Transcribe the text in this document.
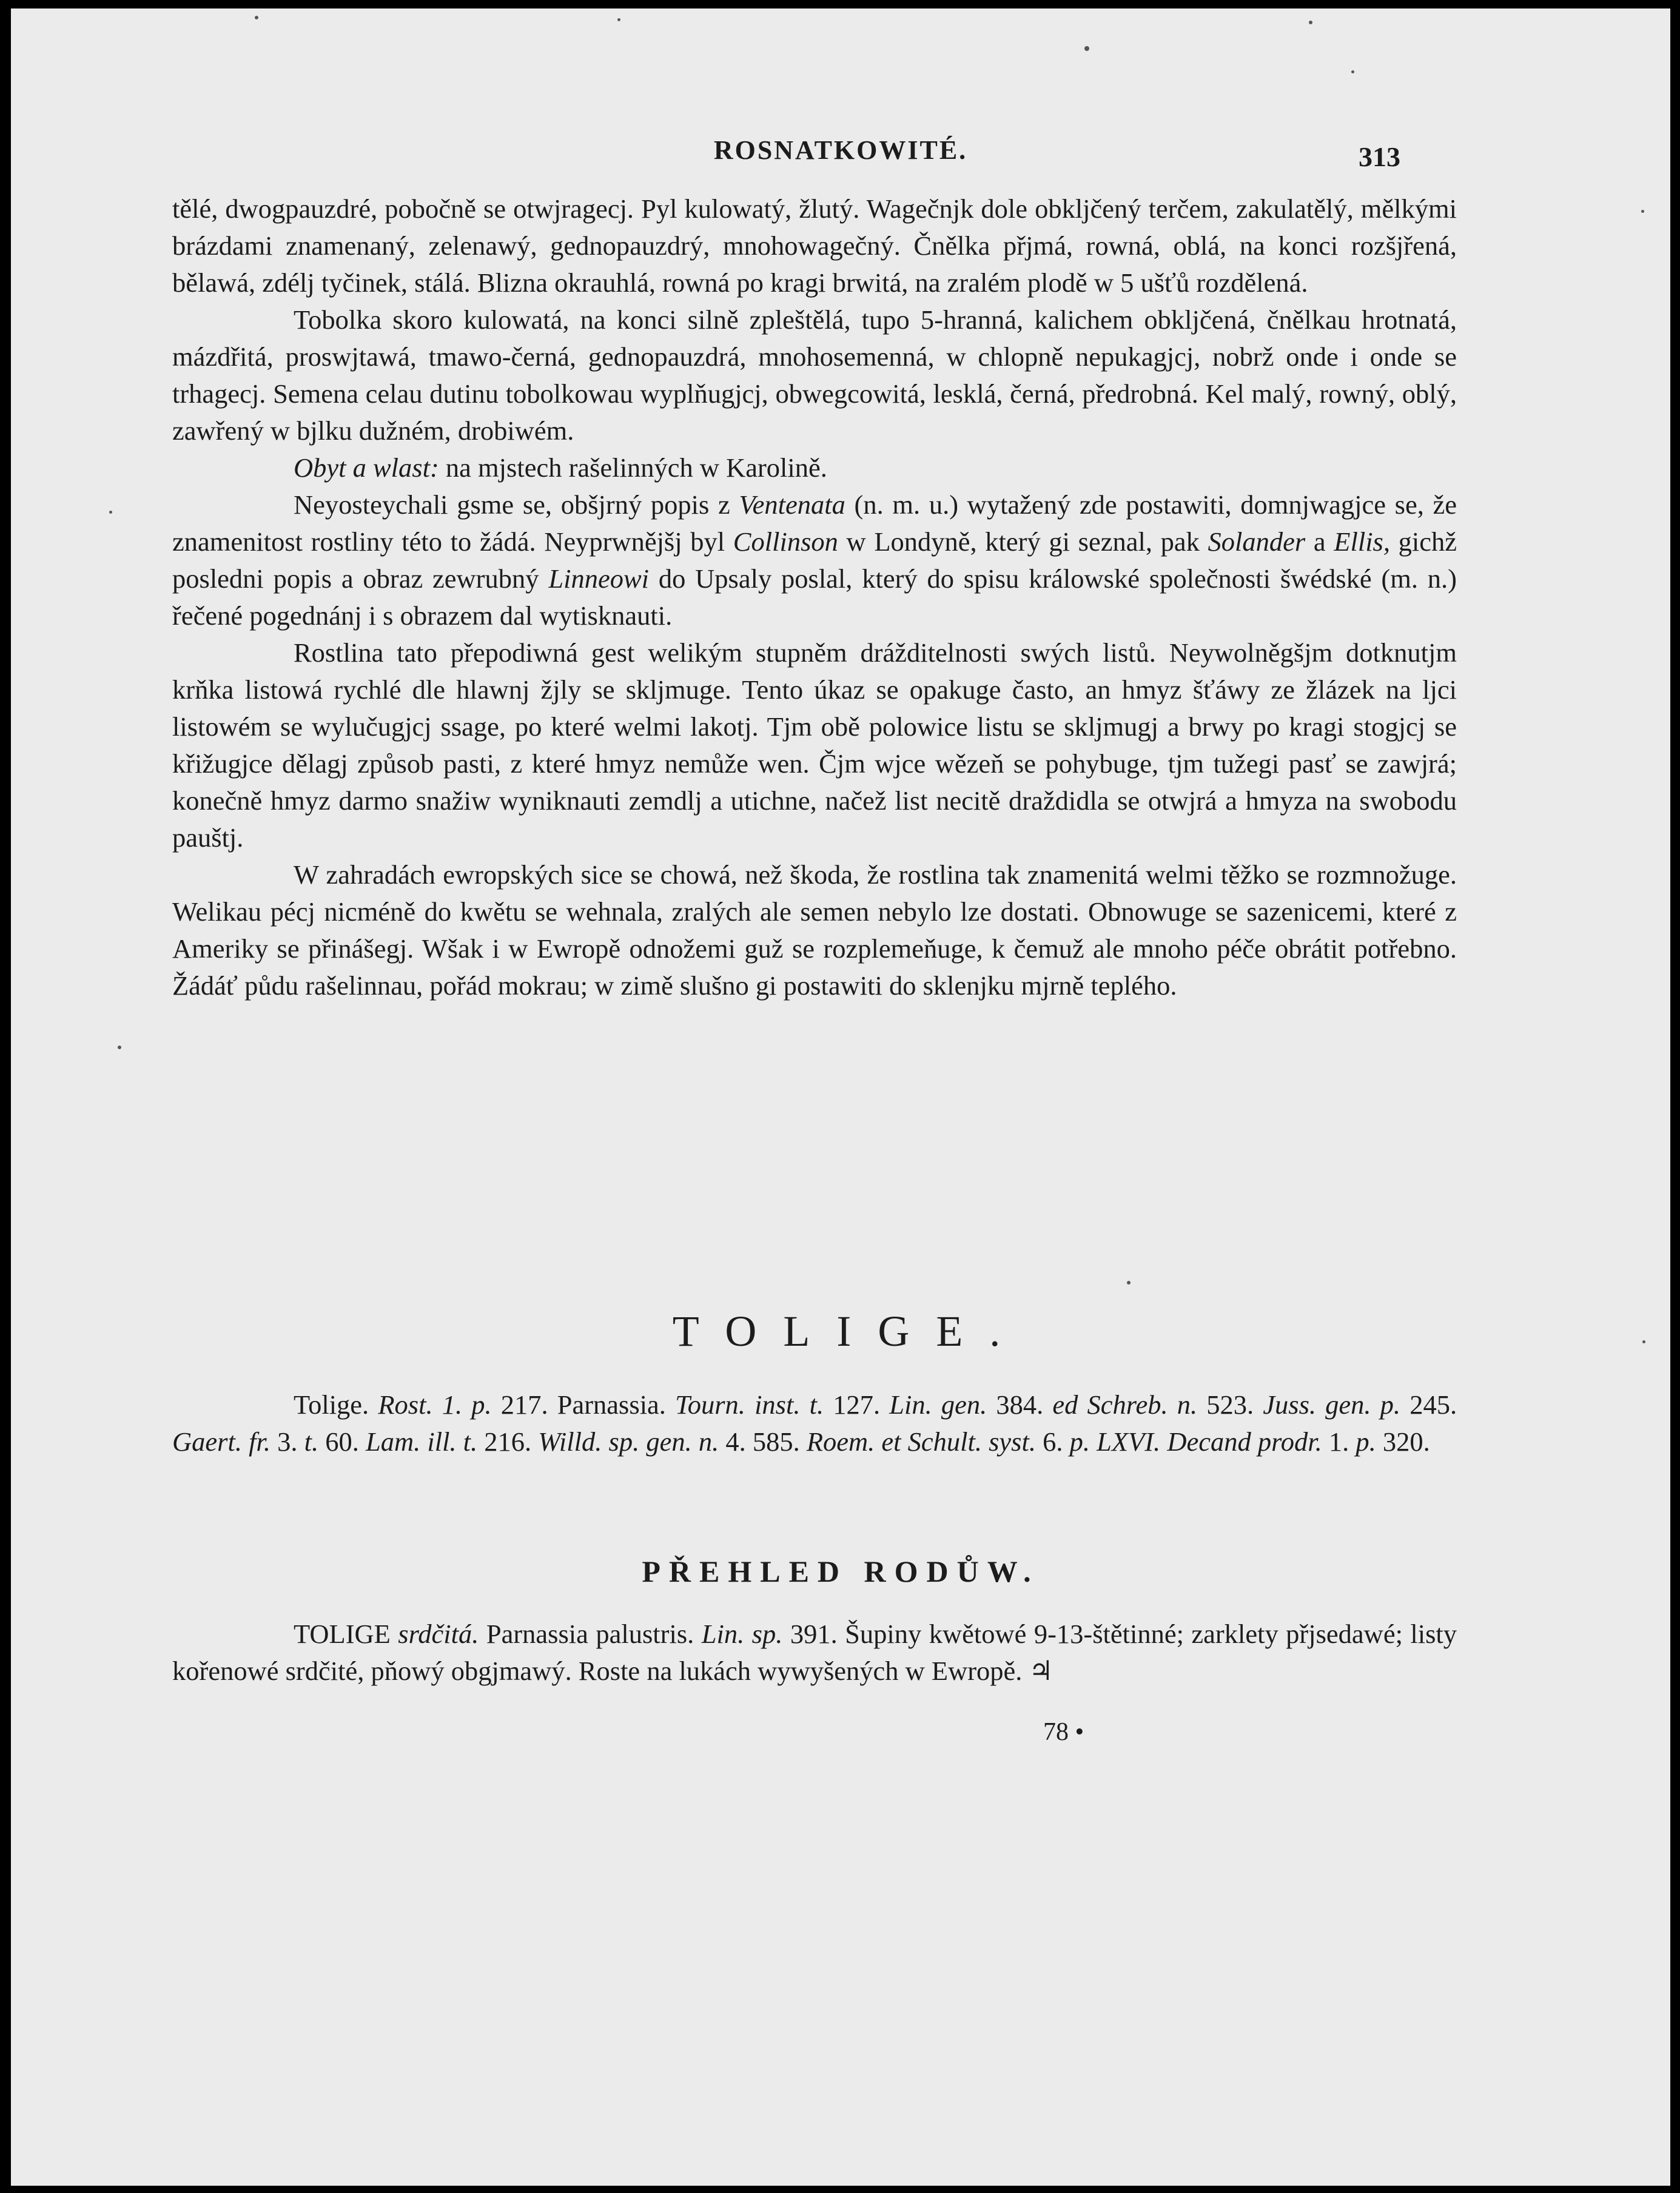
ROSNATKOWITÉ.	313

tělé, dwogpauzdré, pobočně se otwjragecj. Pyl kulowatý, žlutý. Wagečnjk dole obkljčený terčem, zakulatělý, mělkými brázdami znamenaný, zelenawý, gednopauzdrý, mnohowagečný. Čnělka přjmá, rowná, oblá, na konci rozšjřená, bělawá, zdélj tyčinek, stálá. Blizna okrauhlá, rowná po kragi brwitá, na zralém plodě w 5 ušťů rozdělená.

Tobolka skoro kulowatá, na konci silně zpleštělá, tupo 5-hranná, kalichem obkljčená, čnělkau hrotnatá, mázdřitá, proswjtawá, tmawo-černá, gednopauzdrá, mnohosemenná, w chlopně nepukagjcj, nobrž onde i onde se trhagecj. Semena celau dutinu tobolkowau wyplňugjcj, obwegcowitá, lesklá, černá, předrobná. Kel malý, rowný, oblý, zawřený w bjlku dužném, drobiwém.

Obyt a wlast: na mjstech rašelinných w Karolině.

Neyosteychali gsme se, obšjrný popis z Ventenata (n. m. u.) wytažený zde postawiti, domnjwagjce se, že znamenitost rostliny této to žádá. Neyprwnějšj byl Collinson w Londyně, který gi seznal, pak Solander a Ellis, gichž posledni popis a obraz zewrubný Linneowi do Upsaly poslal, který do spisu králowské společnosti šwédské (m. n.) řečené pogednánj i s obrazem dal wytisknauti.

Rostlina tato přepodiwná gest welikým stupněm drážditelnosti swých listů. Neywolněgšjm dotknutjm krňka listowá rychlé dle hlawnj žjly se skljmuge. Tento úkaz se opakuge často, an hmyz šťáwy ze žlázek na ljci listowém se wylučugjcj ssage, po které welmi lakotj. Tjm obě polowice listu se skljmugj a brwy po kragi stogjcj se křižugjce dělagj způsob pasti, z které hmyz nemůže wen. Čjm wjce wězeň se pohybuge, tjm tužegi pasť se zawjrá; konečně hmyz darmo snažiw wyniknauti zemdlj a utichne, načež list necitě draždidla se otwjrá a hmyza na swobodu pauštj.

W zahradách ewropských sice se chowá, než škoda, že rostlina tak znamenitá welmi těžko se rozmnožuge. Welikau pécj nicméně do kwětu se wehnala, zralých ale semen nebylo lze dostati. Obnowuge se sazenicemi, které z Ameriky se přinášegj. Wšak i w Ewropě odnožemi guž se rozplemeňuge, k čemuž ale mnoho péče obrátit potřebno. Žádáť půdu rašelinnau, pořád mokrau; w zimě slušno gi postawiti do sklenjku mjrně teplého.

TOLIGE.

Tolige. Rost. 1. p. 217. Parnassia. Tourn. inst. t. 127. Lin. gen. 384. ed Schreb. n. 523. Juss. gen. p. 245. Gaert. fr. 3. t. 60. Lam. ill. t. 216. Willd. sp. gen. n. 4. 585. Roem. et Schult. syst. 6. p. LXVI. Decand prodr. 1. p. 320.

PŘEHLED RODŮW.

TOLIGE srdčitá. Parnassia palustris. Lin. sp. 391. Šupiny kwětowé 9-13-štětinné; zarklety přjsedawé; listy kořenowé srdčité, pňowý obgjmawý. Roste na lukách wywyšených w Ewropě. ♃

78 •
